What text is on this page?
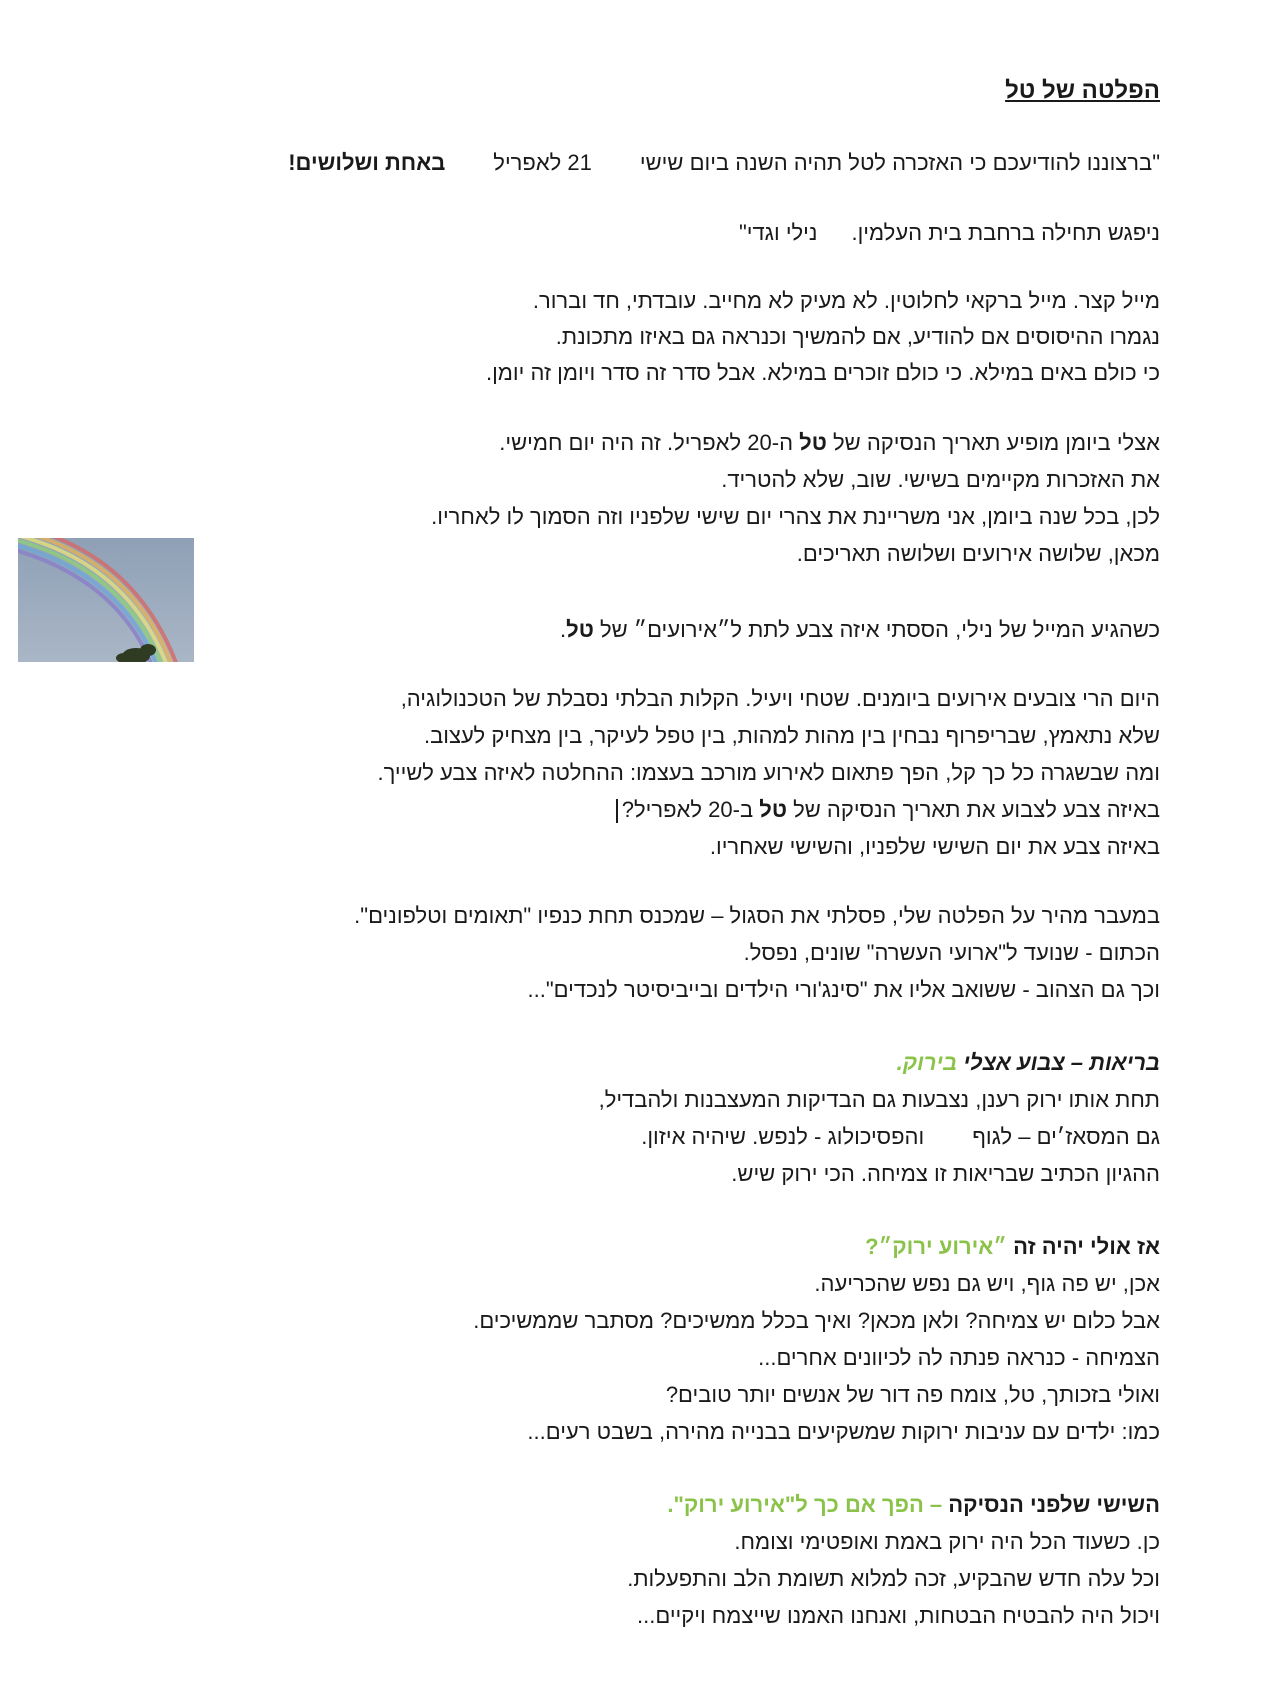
הפלטה של טל
"ברצוננו להודיעכם כי האזכרה לטל תהיה השנה ביום שישי21 לאפרילבאחת ושלושים!
ניפגש תחילה ברחבת בית העלמין.נילי וגדי"
מייל קצר. מייל ברקאי לחלוטין. לא מעיק לא מחייב. עובדתי, חד וברור.
נגמרו ההיסוסים אם להודיע, אם להמשיך וכנראה גם באיזו מתכונת.
כי כולם באים במילא. כי כולם זוכרים במילא. אבל סדר זה סדר ויומן זה יומן.
אצלי ביומן מופיע תאריך הנסיקה של טל ה-20 לאפריל. זה היה יום חמישי.
את האזכרות מקיימים בשישי. שוב, שלא להטריד.
לכן, בכל שנה ביומן, אני משריינת את צהרי יום שישי שלפניו וזה הסמוך לו לאחריו.
מכאן, שלושה אירועים ושלושה תאריכים.
כשהגיע המייל של נילי, הססתי איזה צבע לתת ל״אירועים״ של טל.
היום הרי צובעים אירועים ביומנים. שטחי ויעיל. הקלות הבלתי נסבלת של הטכנולוגיה,
שלא נתאמץ, שבריפרוף נבחין בין מהות למהות, בין טפל לעיקר, בין מצחיק לעצוב.
ומה שבשגרה כל כך קל, הפך פתאום לאירוע מורכב בעצמו: ההחלטה לאיזה צבע לשייך.
באיזה צבע לצבוע את תאריך הנסיקה של טל ב-20 לאפריל?
באיזה צבע את יום השישי שלפניו, והשישי שאחריו.
במעבר מהיר על הפלטה שלי, פסלתי את הסגול – שמכנס תחת כנפיו "תאומים וטלפונים".
הכתום - שנועד ל"ארועי העשרה" שונים, נפסל.
וכך גם הצהוב - ששואב אליו את "סינג'ורי הילדים ובייביסיטר לנכדים"...
בריאות – צבוע אצלי בירוק.
תחת אותו ירוק רענן, נצבעות גם הבדיקות המעצבנות ולהבדיל,
גם המסאז׳ים – לגוףוהפסיכולוג - לנפש. שיהיה איזון.
ההגיון הכתיב שבריאות זו צמיחה. הכי ירוק שיש.
אז אולי יהיה זה ״אירוע ירוק״?
אכן, יש פה גוף, ויש גם נפש שהכריעה.
אבל כלום יש צמיחה? ולאן מכאן? ואיך בכלל ממשיכים? מסתבר שממשיכים.
הצמיחה - כנראה פנתה לה לכיוונים אחרים...
ואולי בזכותך, טל, צומח פה דור של אנשים יותר טובים?
כמו: ילדים עם עניבות ירוקות שמשקיעים בבנייה מהירה, בשבט רעים...
השישי שלפני הנסיקה – הפך אם כך ל"אירוע ירוק".
כן. כשעוד הכל היה ירוק באמת ואופטימי וצומח.
וכל עלה חדש שהבקיע, זכה למלוא תשומת הלב והתפעלות.
ויכול היה להבטיח הבטחות, ואנחנו האמנו שייצמח ויקיים...
